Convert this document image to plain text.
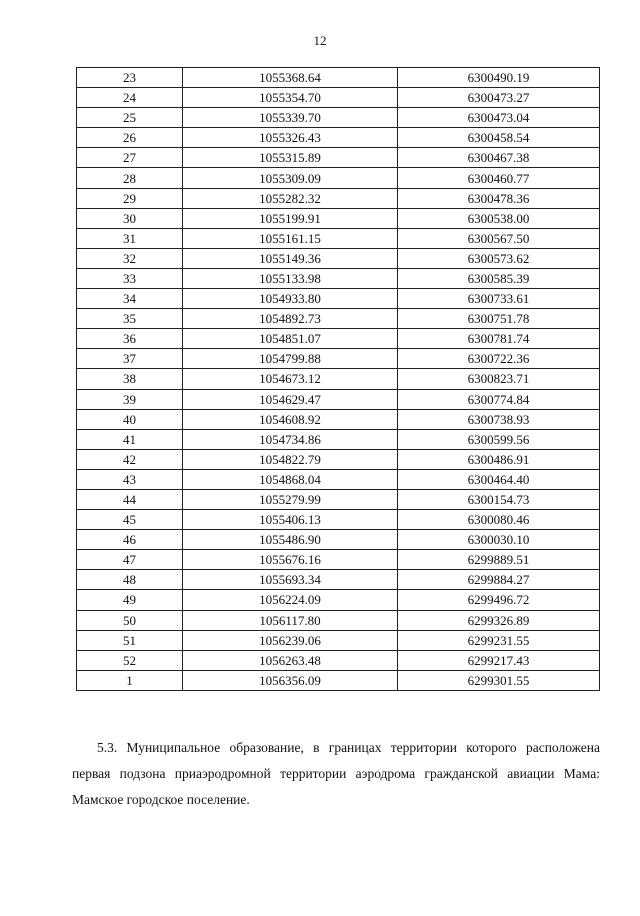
12
23	1055368.64	6300490.19
24	1055354.70	6300473.27
25	1055339.70	6300473.04
26	1055326.43	6300458.54
27	1055315.89	6300467.38
28	1055309.09	6300460.77
29	1055282.32	6300478.36
30	1055199.91	6300538.00
31	1055161.15	6300567.50
32	1055149.36	6300573.62
33	1055133.98	6300585.39
34	1054933.80	6300733.61
35	1054892.73	6300751.78
36	1054851.07	6300781.74
37	1054799.88	6300722.36
38	1054673.12	6300823.71
39	1054629.47	6300774.84
40	1054608.92	6300738.93
41	1054734.86	6300599.56
42	1054822.79	6300486.91
43	1054868.04	6300464.40
44	1055279.99	6300154.73
45	1055406.13	6300080.46
46	1055486.90	6300030.10
47	1055676.16	6299889.51
48	1055693.34	6299884.27
49	1056224.09	6299496.72
50	1056117.80	6299326.89
51	1056239.06	6299231.55
52	1056263.48	6299217.43
1	1056356.09	6299301.55

5.3. Муниципальное образование, в границах территории которого расположена первая подзона приаэродромной территории аэродрома гражданской авиации Мама: Мамское городское поселение.
